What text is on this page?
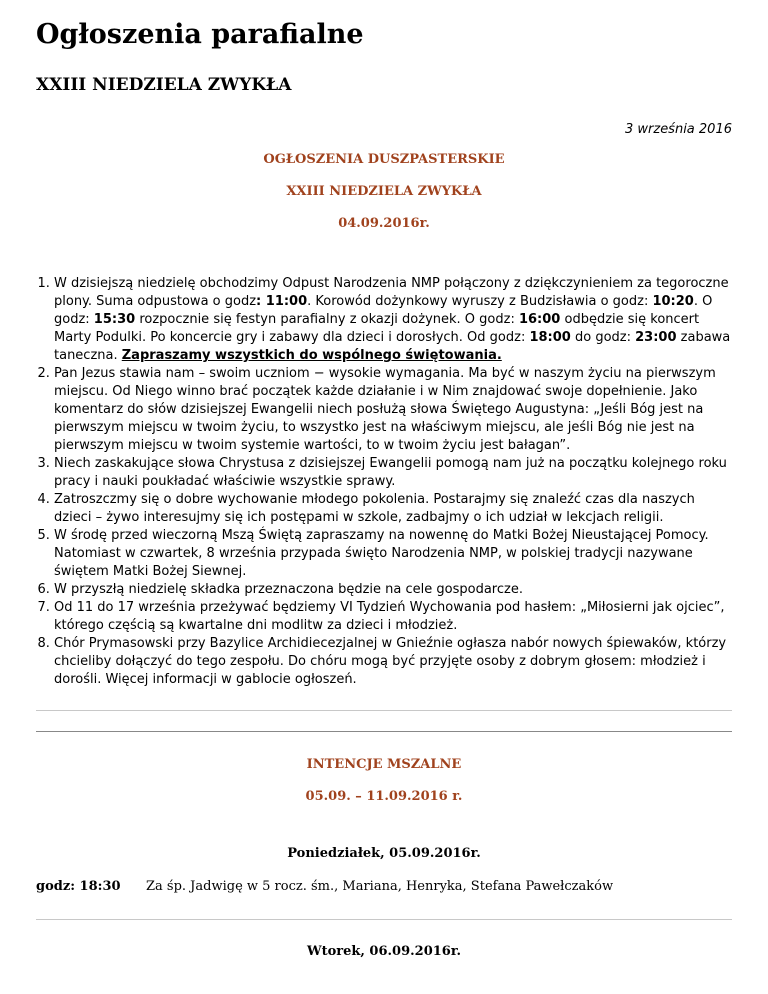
Ogłoszenia parafialne
XXIII NIEDZIELA ZWYKŁA
3 września 2016
OGŁOSZENIA DUSZPASTERSKIE
XXIII NIEDZIELA ZWYKŁA
04.09.2016r.
1. W dzisiejszą niedzielę obchodzimy Odpust Narodzenia NMP połączony z dziękczynieniem za tegoroczne plony. Suma odpustowa o godz: 11:00. Korowód dożynkowy wyruszy z Budzisławia o godz: 10:20. O godz: 15:30 rozpocznie się festyn parafialny z okazji dożynek. O godz: 16:00 odbędzie się koncert Marty Podulki. Po koncercie gry i zabawy dla dzieci i dorosłych. Od godz: 18:00 do godz: 23:00 zabawa taneczna. Zapraszamy wszystkich do wspólnego świętowania.
2. Pan Jezus stawia nam – swoim uczniom − wysokie wymagania. Ma być w naszym życiu na pierwszym miejscu. Od Niego winno brać początek każde działanie i w Nim znajdować swoje dopełnienie. Jako komentarz do słów dzisiejszej Ewangelii niech posłużą słowa Świętego Augustyna: „Jeśli Bóg jest na pierwszym miejscu w twoim życiu, to wszystko jest na właściwym miejscu, ale jeśli Bóg nie jest na pierwszym miejscu w twoim systemie wartości, to w twoim życiu jest bałagan”.
3. Niech zaskakujące słowa Chrystusa z dzisiejszej Ewangelii pomogą nam już na początku kolejnego roku pracy i nauki poukładać właściwie wszystkie sprawy.
4. Zatroszczmy się o dobre wychowanie młodego pokolenia. Postarajmy się znaleźć czas dla naszych dzieci – żywo interesujmy się ich postępami w szkole, zadbajmy o ich udział w lekcjach religii.
5. W środę przed wieczorną Mszą Świętą zapraszamy na nowennę do Matki Bożej Nieustającej Pomocy. Natomiast w czwartek, 8 września przypada święto Narodzenia NMP, w polskiej tradycji nazywane świętem Matki Bożej Siewnej.
6. W przyszłą niedzielę składka przeznaczona będzie na cele gospodarcze.
7. Od 11 do 17 września przeżywać będziemy VI Tydzień Wychowania pod hasłem: „Miłosierni jak ojciec”, którego częścią są kwartalne dni modlitw za dzieci i młodzież.
8. Chór Prymasowski przy Bazylice Archidiecezjalnej w Gnieźnie ogłasza nabór nowych śpiewaków, którzy chcieliby dołączyć do tego zespołu. Do chóru mogą być przyjęte osoby z dobrym głosem: młodzież i dorośli. Więcej informacji w gablocie ogłoszeń.
INTENCJE MSZALNE
05.09. – 11.09.2016 r.
Poniedziałek, 05.09.2016r.
godz: 18:30	Za śp. Jadwigę w 5 rocz. śm., Mariana, Henryka, Stefana Pawełczaków
Wtorek, 06.09.2016r.
